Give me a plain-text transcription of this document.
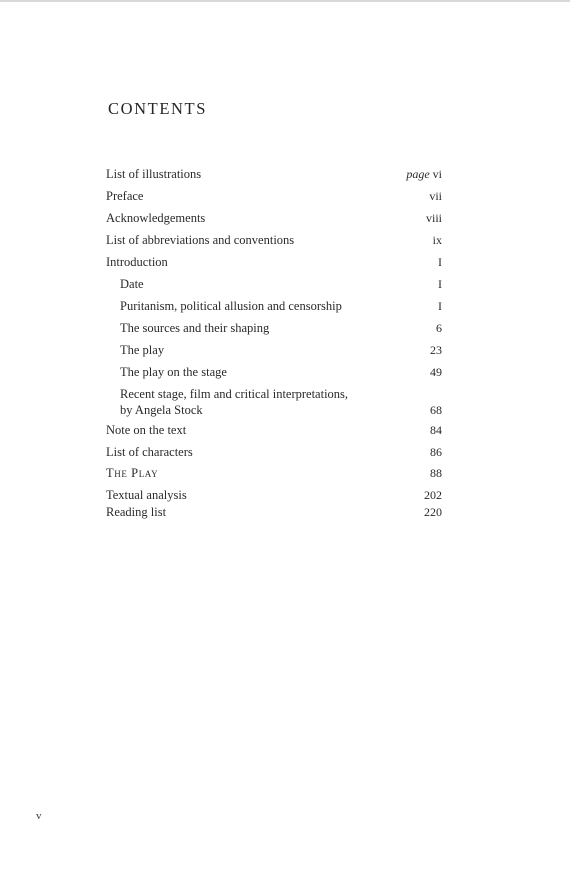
CONTENTS
List of illustrations	page vi
Preface	vii
Acknowledgements	viii
List of abbreviations and conventions	ix
Introduction	I
Date	I
Puritanism, political allusion and censorship	I
The sources and their shaping	6
The play	23
The play on the stage	49
Recent stage, film and critical interpretations,
by Angela Stock	68
Note on the text	84
List of characters	86
The Play	88
Textual analysis	202
Reading list	220
v
